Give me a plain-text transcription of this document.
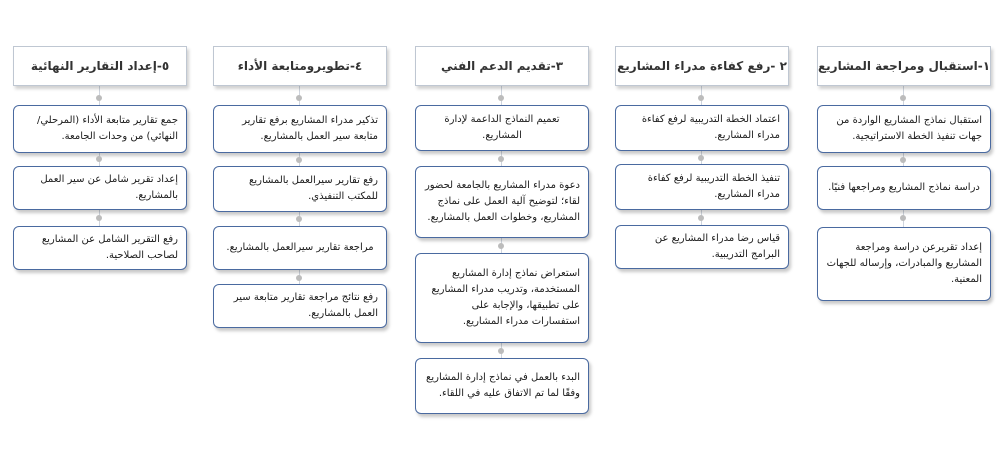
١-استقبال ومراجعة المشاريع
استقبال نماذج المشاريع الواردة من جهات تنفيذ الخطة الاستراتيجية.
دراسة نماذج المشاريع ومراجعها فنيًا.
إعداد تقريرعن دراسة ومراجعة المشاريع والمبادرات، وإرساله للجهات المعنية.
٢ -رفع كفاءة مدراء المشاريع
اعتماد الخطة التدريبية لرفع كفاءة مدراء المشاريع.
تنفيذ الخطة التدريبية لرفع كفاءة مدراء المشاريع.
قياس رضا مدراء المشاريع عن البرامج التدريبية.
٣-تقديم الدعم الفني
تعميم النماذج الداعمة لإدارة المشاريع.
دعوة مدراء المشاريع بالجامعة لحضور لقاء؛ لتوضيح آلية العمل على نماذج المشاريع، وخطوات العمل بالمشاريع.
استعراض نماذج إدارة المشاريع المستخدمة، وتدريب مدراء المشاريع على تطبيقها، والإجابة على استفسارات مدراء المشاريع.
البدء بالعمل في نماذج إدارة المشاريع وفقًا لما تم الاتفاق عليه في اللقاء.
٤-تطويرومتابعة الأداء
تذكير مدراء المشاريع برفع تقارير متابعة سير العمل بالمشاريع.
رفع تقارير سيرالعمل بالمشاريع للمكتب التنفيذي.
مراجعة تقارير سيرالعمل بالمشاريع.
رفع نتائج مراجعة تقارير متابعة سير العمل بالمشاريع.
٥-إعداد التقارير النهائية
جمع تقارير متابعة الأداء (المرحلي/ النهائي) من وحدات الجامعة.
إعداد تقرير شامل عن سير العمل بالمشاريع.
رفع التقرير الشامل عن المشاريع لصاحب الصلاحية.
